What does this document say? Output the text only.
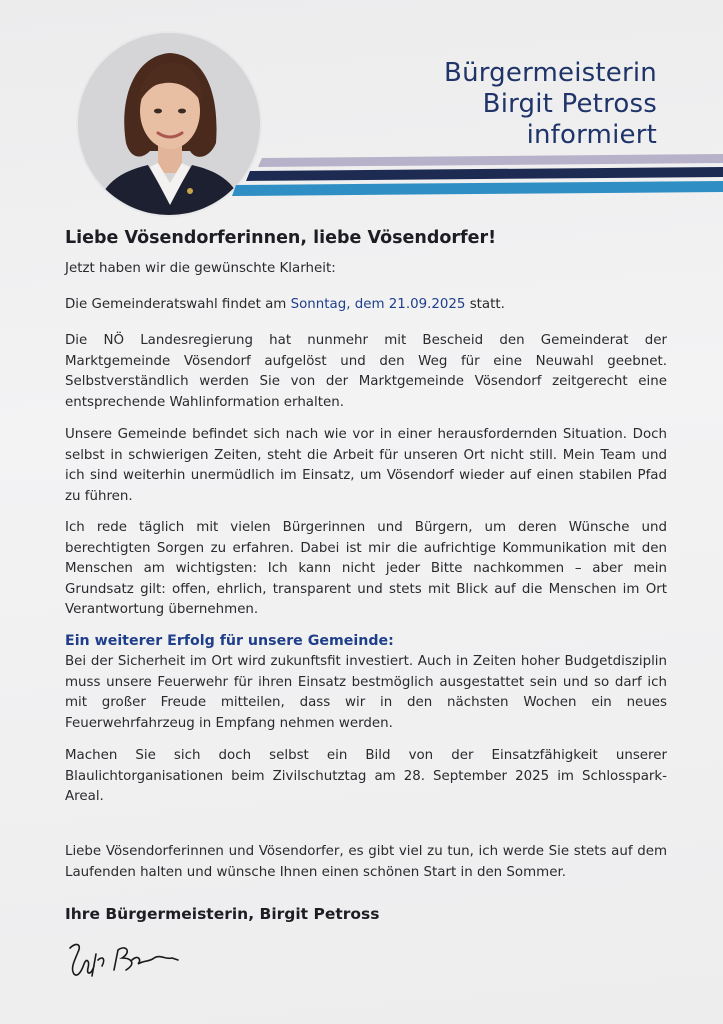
Bürgermeisterin
Birgit Petross
informiert
Liebe Vösendorferinnen, liebe Vösendorfer!
Jetzt haben wir die gewünschte Klarheit:
Die Gemeinderatswahl findet am Sonntag, dem 21.09.2025 statt.
Die NÖ Landesregierung hat nunmehr mit Bescheid den Gemeinderat der Marktgemeinde Vösendorf aufgelöst und den Weg für eine Neuwahl geebnet. Selbstverständlich werden Sie von der Marktgemeinde Vösendorf zeitgerecht eine entsprechende Wahlinformation erhalten.
Unsere Gemeinde befindet sich nach wie vor in einer herausfordernden Situation. Doch selbst in schwierigen Zeiten, steht die Arbeit für unseren Ort nicht still. Mein Team und ich sind weiterhin unermüdlich im Einsatz, um Vösendorf wieder auf einen stabilen Pfad zu führen.
Ich rede täglich mit vielen Bürgerinnen und Bürgern, um deren Wünsche und berechtigten Sorgen zu erfahren. Dabei ist mir die aufrichtige Kommunikation mit den Menschen am wichtigsten: Ich kann nicht jeder Bitte nachkommen – aber mein Grundsatz gilt: offen, ehrlich, transparent und stets mit Blick auf die Menschen im Ort Verantwortung übernehmen.
Ein weiterer Erfolg für unsere Gemeinde:
Bei der Sicherheit im Ort wird zukunftsfit investiert. Auch in Zeiten hoher Budgetdisziplin muss unsere Feuerwehr für ihren Einsatz bestmöglich ausgestattet sein und so darf ich mit großer Freude mitteilen, dass wir in den nächsten Wochen ein neues Feuerwehrfahrzeug in Empfang nehmen werden.
Machen Sie sich doch selbst ein Bild von der Einsatzfähigkeit unserer Blaulichtorganisationen beim Zivilschutztag am 28. September 2025 im Schlosspark-Areal.
Liebe Vösendorferinnen und Vösendorfer, es gibt viel zu tun, ich werde Sie stets auf dem Laufenden halten und wünsche Ihnen einen schönen Start in den Sommer.
Ihre Bürgermeisterin, Birgit Petross
